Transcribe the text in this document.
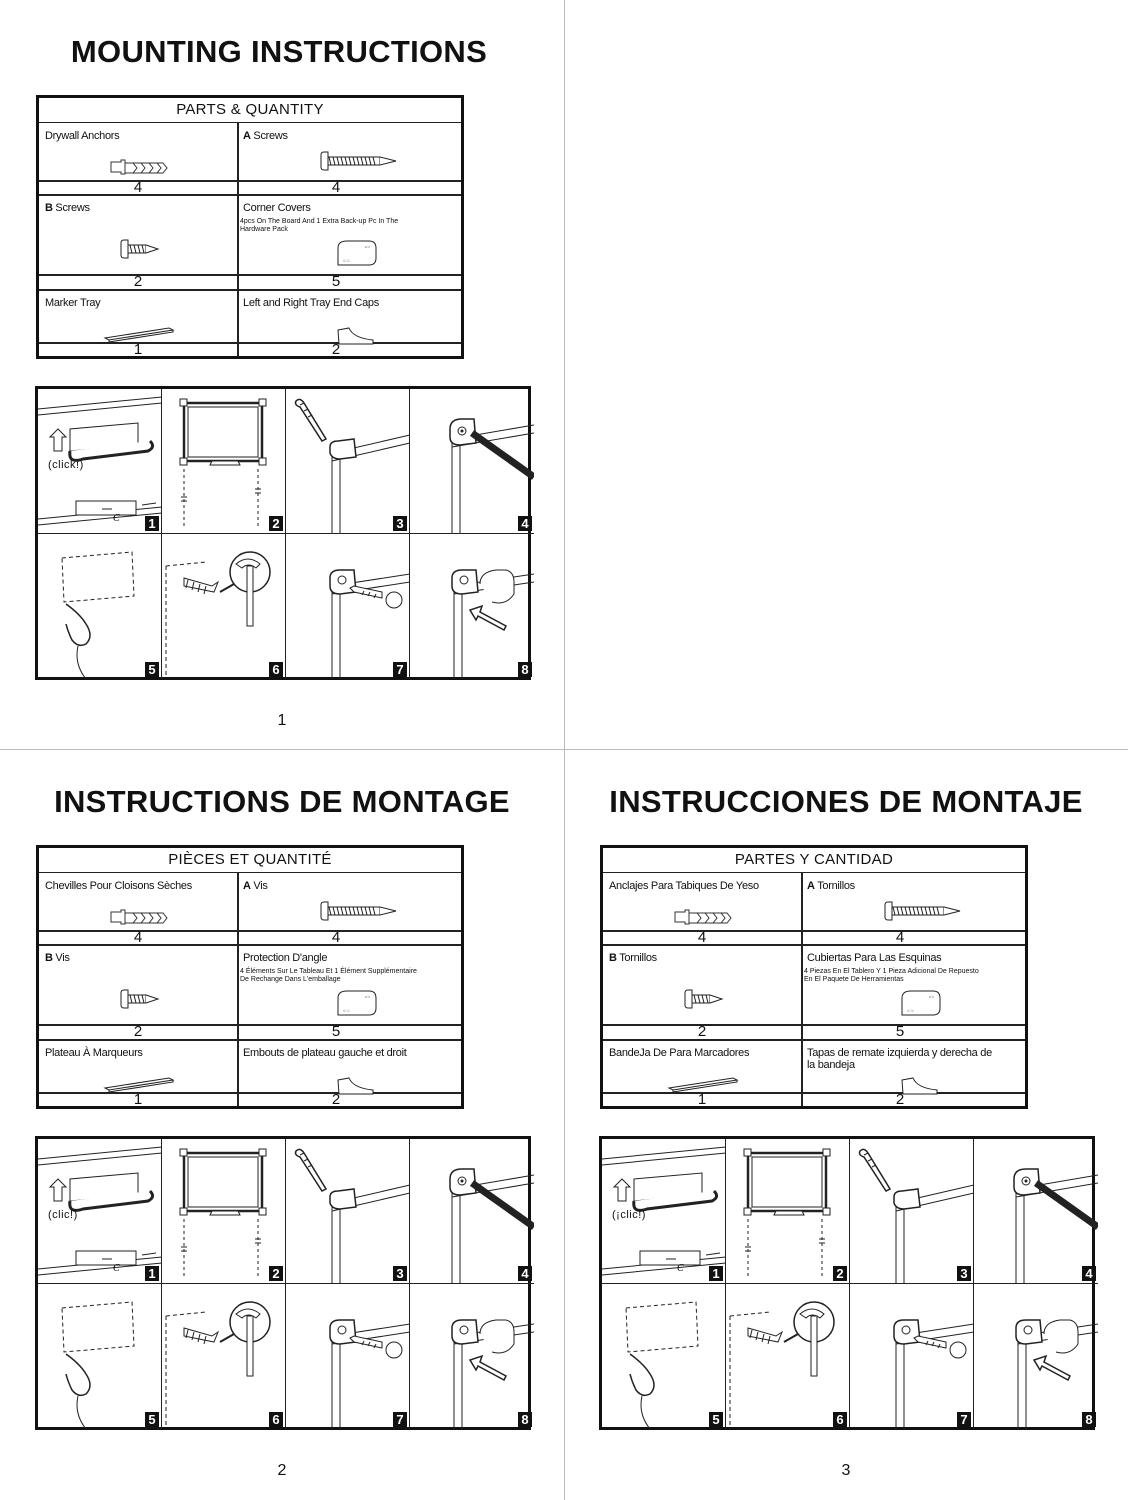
MOUNTING INSTRUCTIONS
PARTS & QUANTITY
Drywall Anchors
4
A Screws
4
B Screws
2
Corner Covers
4pcs On The Board And 1 Extra Back-up Pc In The Hardware Pack
c⊃
⊂⊃
5
Marker Tray
1
Left and Right Tray End Caps
2
C
(click!)
1	2	3	4
5	6	7	8
1
INSTRUCTIONS DE MONTAGE
PIÈCES ET QUANTITÉ
Chevilles Pour Cloisons Sèches
4
A Vis
4
B Vis
2
Protection D'angle
4 Éléments Sur Le Tableau Et 1 Élément Supplémentaire De Rechange Dans L'emballage
c⊃
⊂⊃
5
Plateau À Marqueurs
1
Embouts de plateau gauche et droit
2
C
(clic!)
1	2	3	4
5	6	7	8
2
INSTRUCCIONES DE MONTAJE
PARTES Y CANTIDAD
Anclajes Para Tabiques De Yeso
4
A Tornillos
4
B Tornillos
2
Cubiertas Para Las Esquinas
4 Piezas En El Tablero Y 1 Pieza Adicional De Repuesto En El Paquete De Herramientas
c⊃
⊂⊃
5
BandeJa De Para Marcadores
1
Tapas de remate izquierda y derecha de la bandeja
2
C
(¡clic!)
1	2	3	4
5	6	7	8
3
